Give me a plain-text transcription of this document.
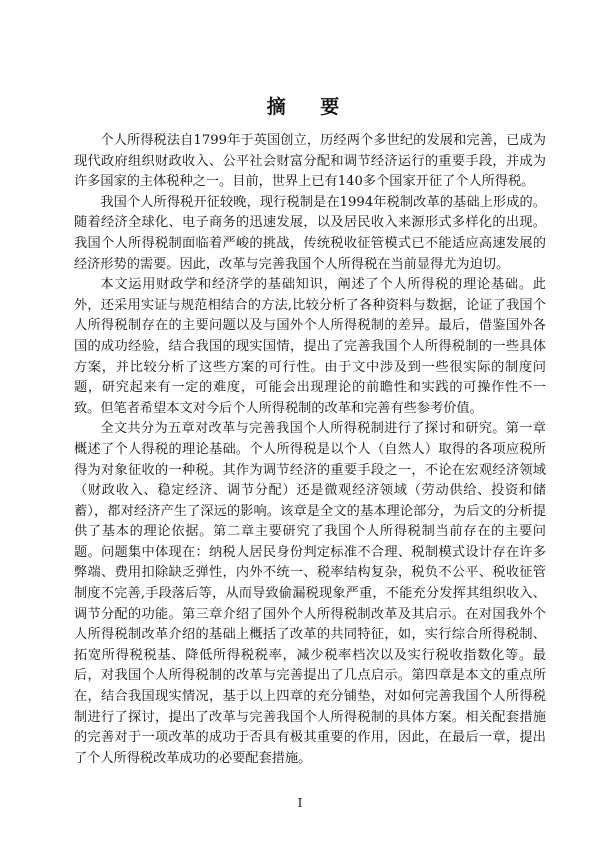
摘 要

个人所得税法自1799年于英国创立，历经两个多世纪的发展和完善，已成为现代政府组织财政收入、公平社会财富分配和调节经济运行的重要手段，并成为许多国家的主体税种之一。目前，世界上已有140多个国家开征了个人所得税。

我国个人所得税开征较晚，现行税制是在1994年税制改革的基础上形成的。随着经济全球化、电子商务的迅速发展，以及居民收入来源形式多样化的出现。我国个人所得税制面临着严峻的挑战，传统税收征管模式已不能适应高速发展的经济形势的需要。因此，改革与完善我国个人所得税在当前显得尤为迫切。

本文运用财政学和经济学的基础知识，阐述了个人所得税的理论基础。此外，还采用实证与规范相结合的方法,比较分析了各种资料与数据，论证了我国个人所得税制存在的主要问题以及与国外个人所得税制的差异。最后，借鉴国外各国的成功经验，结合我国的现实国情，提出了完善我国个人所得税制的一些具体方案，并比较分析了这些方案的可行性。由于文中涉及到一些很实际的制度问题，研究起来有一定的难度，可能会出现理论的前瞻性和实践的可操作性不一致。但笔者希望本文对今后个人所得税制的改革和完善有些参考价值。

全文共分为五章对改革与完善我国个人所得税制进行了探讨和研究。第一章概述了个人得税的理论基础。个人所得税是以个人（自然人）取得的各项应税所得为对象征收的一种税。其作为调节经济的重要手段之一，不论在宏观经济领域（财政收入、稳定经济、调节分配）还是微观经济领域（劳动供给、投资和储蓄），都对经济产生了深远的影响。该章是全文的基本理论部分，为后文的分析提供了基本的理论依据。第二章主要研究了我国个人所得税制当前存在的主要问题。问题集中体现在：纳税人居民身份判定标准不合理、税制模式设计存在许多弊端、费用扣除缺乏弹性，内外不统一、税率结构复杂，税负不公平、税收征管制度不完善,手段落后等，从而导致偷漏税现象严重，不能充分发挥其组织收入、调节分配的功能。第三章介绍了国外个人所得税制改革及其启示。在对国我外个人所得税制改革介绍的基础上概括了改革的共同特征，如，实行综合所得税制、拓宽所得税税基、降低所得税税率，减少税率档次以及实行税收指数化等。最后，对我国个人所得税制的改革与完善提出了几点启示。第四章是本文的重点所在，结合我国现实情况，基于以上四章的充分铺垫，对如何完善我国个人所得税制进行了探讨，提出了改革与完善我国个人所得税制的具体方案。相关配套措施的完善对于一项改革的成功于否具有极其重要的作用，因此，在最后一章，提出了个人所得税改革成功的必要配套措施。

I
